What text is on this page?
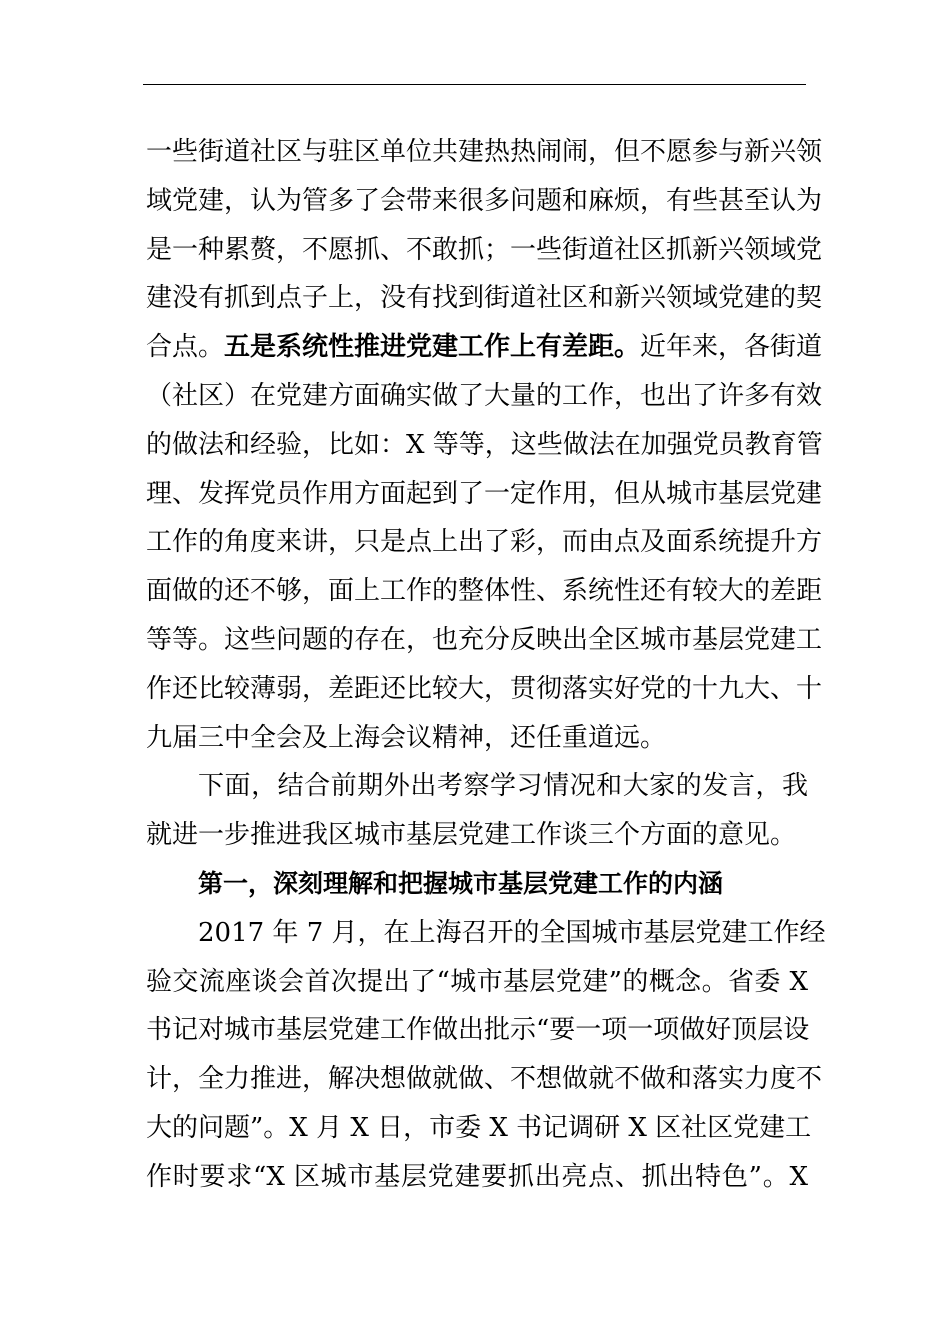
一些街道社区与驻区单位共建热热闹闹，但不愿参与新兴领
域党建，认为管多了会带来很多问题和麻烦，有些甚至认为
是一种累赘，不愿抓、不敢抓；一些街道社区抓新兴领域党
建没有抓到点子上，没有找到街道社区和新兴领域党建的契
合点。五是系统性推进党建工作上有差距。近年来，各街道
（社区）在党建方面确实做了大量的工作，也出了许多有效
的做法和经验，比如：X 等等，这些做法在加强党员教育管
理、发挥党员作用方面起到了一定作用，但从城市基层党建
工作的角度来讲，只是点上出了彩，而由点及面系统提升方
面做的还不够，面上工作的整体性、系统性还有较大的差距
等等。这些问题的存在，也充分反映出全区城市基层党建工
作还比较薄弱，差距还比较大，贯彻落实好党的十九大、十
九届三中全会及上海会议精神，还任重道远。
下面，结合前期外出考察学习情况和大家的发言，我
就进一步推进我区城市基层党建工作谈三个方面的意见。
第一，深刻理解和把握城市基层党建工作的内涵
2017 年 7 月，在上海召开的全国城市基层党建工作经
验交流座谈会首次提出了“城市基层党建”的概念。省委 X
书记对城市基层党建工作做出批示“要一项一项做好顶层设
计，全力推进，解决想做就做、不想做就不做和落实力度不
大的问题”。X 月 X 日，市委 X 书记调研 X 区社区党建工
作时要求“X 区城市基层党建要抓出亮点、抓出特色”。X
